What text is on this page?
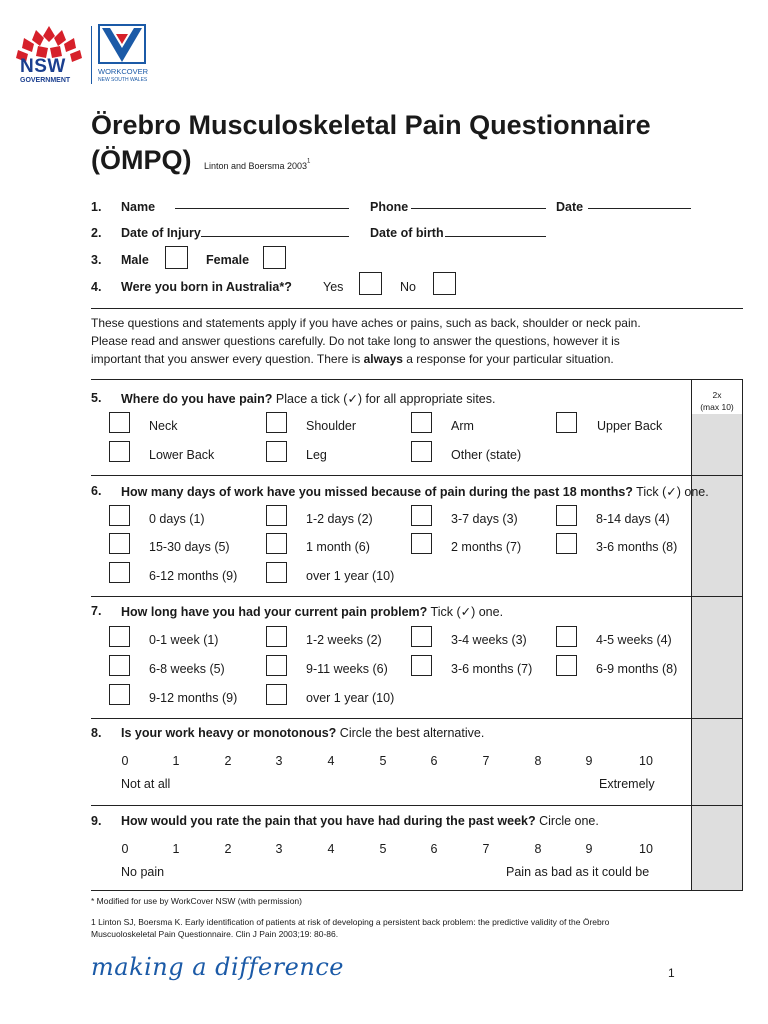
NSW
GOVERNMENT
WORKCOVER
NEW SOUTH WALES
Örebro Musculoskeletal Pain Questionnaire
(ÖMPQ) Linton and Boersma 2003$^1$
1. Name	Phone	Date
2. Date of Injury	Date of birth
3. Male	Female
4. Were you born in Australia*? Yes	No
These questions and statements apply if you have aches or pains, such as back, shoulder or neck pain.
Please read and answer questions carefully. Do not take long to answer the questions, however it is
important that you answer every question. There is always a response for your particular situation.
2x
(max 10)
5. Where do you have pain? Place a tick (✓) for all appropriate sites.
Neck	Shoulder	Arm	Upper Back
Lower Back	Leg	Other (state)
6. How many days of work have you missed because of pain during the past 18 months? Tick (✓) one.
0 days (1)	1-2 days (2)	3-7 days (3)	8-14 days (4)
15-30 days (5)	1 month (6)	2 months (7)	3-6 months (8)
6-12 months (9)	over 1 year (10)
7. How long have you had your current pain problem? Tick (✓) one.
0-1 week (1)	1-2 weeks (2)	3-4 weeks (3)	4-5 weeks (4)
6-8 weeks (5)	9-11 weeks (6)	3-6 months (7)	6-9 months (8)
9-12 months (9)	over 1 year (10)
8. Is your work heavy or monotonous? Circle the best alternative.
0	1	2	3	4	5	6	7	8	9	10
Not at all	Extremely
9. How would you rate the pain that you have had during the past week? Circle one.
0	1	2	3	4	5	6	7	8	9	10
No pain	Pain as bad as it could be
* Modified for use by WorkCover NSW (with permission)
1 Linton SJ, Boersma K. Early identification of patients at risk of developing a persistent back problem: the predictive validity of the Örebro
Muscuoloskeletal Pain Questionnaire. Clin J Pain 2003;19: 80-86.
making a difference	1
